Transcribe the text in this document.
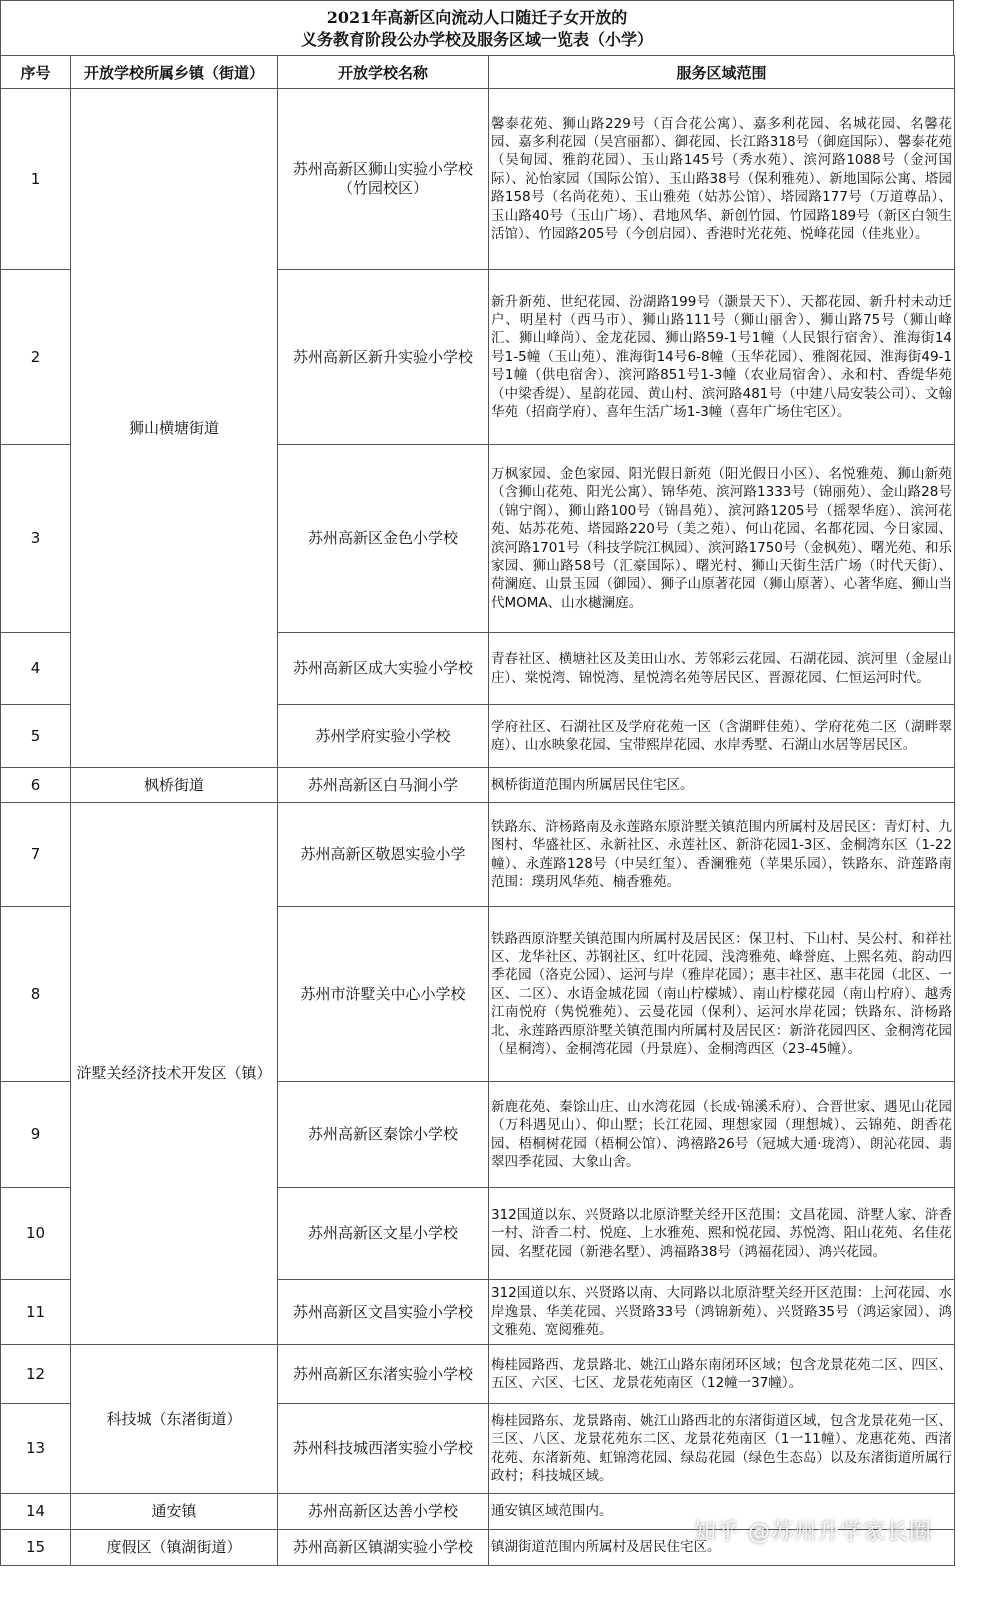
2021年高新区向流动人口随迁子女开放的
义务教育阶段公办学校及服务区域一览表（小学）
序号	开放学校所属乡镇（街道）	开放学校名称	服务区域范围
1	狮山横塘街道	苏州高新区狮山实验小学校（竹园校区）	馨泰花苑、狮山路229号（百合花公寓）、嘉多利花园、名城花园、名馨花园、嘉多利花园（吴宫丽都）、御花园、长江路318号（御庭国际）、馨泰花苑（吴甸园、雅韵花园）、玉山路145号（秀水苑）、滨河路1088号（金河国际）、沁怡家园（国际公馆）、玉山路38号（保利雅苑）、新地国际公寓、塔园路158号（名尚花苑）、玉山雅苑（姑苏公馆）、塔园路177号（万道尊品）、玉山路40号（玉山广场）、君地风华、新创竹园、竹园路189号（新区白领生活馆）、竹园路205号（今创启园）、香港时光花苑、悦峰花园（佳兆业）。
2		苏州高新区新升实验小学校	新升新苑、世纪花园、汾湖路199号（灏景天下）、天都花园、新升村未动迁户、明星村（西马市）、狮山路111号（狮山丽舍）、狮山路75号（狮山峰汇、狮山峰尚）、金龙花园、狮山路59-1号1幢（人民银行宿舍）、淮海街14号1-5幢（玉山苑）、淮海街14号6-8幢（玉华花园）、雅阁花园、淮海街49-1号1幢（供电宿舍）、滨河路851号1-3幢（农业局宿舍）、永和村、香缇华苑（中梁香缇）、星韵花园、黄山村、滨河路481号（中建八局安装公司）、文翰华苑（招商学府）、喜年生活广场1-3幢（喜年广场住宅区）。
3		苏州高新区金色小学校	万枫家园、金色家园、阳光假日新苑（阳光假日小区）、名悦雅苑、狮山新苑（含狮山花苑、阳光公寓）、锦华苑、滨河路1333号（锦丽苑）、金山路28号（锦宁阁）、狮山路100号（锦昌苑）、滨河路1205号（摇翠华庭）、滨河花苑、姑苏花苑、塔园路220号（美之苑）、何山花园、名都花园、今日家园、滨河路1701号（科技学院江枫园）、滨河路1750号（金枫苑）、曙光苑、和乐家园、狮山路58号（汇豪国际）、曙光村、狮山天街生活广场（时代天街）、荷澜庭、山景玉园（御园）、狮子山原著花园（狮山原著）、心著华庭、狮山当代MOMA、山水樾澜庭。
4		苏州高新区成大实验小学校	青春社区、横塘社区及美田山水、芳邻彩云花园、石湖花园、滨河里（金屋山庄）、棠悦湾、锦悦湾、星悦湾名苑等居民区、晋源花园、仁恒运河时代。
5		苏州学府实验小学校	学府社区、石湖社区及学府花苑一区（含湖畔佳苑）、学府花苑二区（湖畔翠庭）、山水映象花园、宝带熙岸花园、水岸秀墅、石湖山水居等居民区。
6	枫桥街道	苏州高新区白马涧小学	枫桥街道范围内所属居民住宅区。
7	浒墅关经济技术开发区（镇）	苏州高新区敬恩实验小学	铁路东、浒杨路南及永莲路东原浒墅关镇范围内所属村及居民区：青灯村、九图村、华盛社区、永新社区、永莲社区、新浒花园1-3区、金桐湾东区（1-22幢）、永莲路128号（中吴红玺）、香澜雅苑（苹果乐园），铁路东、浒莲路南范围：璞玥风华苑、楠香雅苑。
8		苏州市浒墅关中心小学校	铁路西原浒墅关镇范围内所属村及居民区：保卫村、下山村、吴公村、和祥社区、龙华社区、苏钢社区、红叶花园、浅湾雅苑、峰誉庭、上熙名苑、韵动四季花园（洛克公园）、运河与岸（雅岸花园）；惠丰社区、惠丰花园（北区、一区、二区）、水语金城花园（南山柠檬城）、南山柠檬花园（南山柠府）、越秀江南悦府（隽悦雅苑）、云曼花园（保利）、运河水岸花园；铁路东、浒杨路北、永莲路西原浒墅关镇范围内所属村及居民区：新浒花园四区、金桐湾花园（星桐湾）、金桐湾花园（丹景庭）、金桐湾西区（23-45幢）。
9		苏州高新区秦馀小学校	新鹿花苑、秦馀山庄、山水湾花园（长成·锦溪禾府）、合晋世家、遇见山花园（万科遇见山）、仰山墅；长江花园、理想家园（理想城）、云锦苑、朗香花园、梧桐树花园（梧桐公馆）、鸿禧路26号（冠城大通·珑湾）、朗沁花园、翡翠四季花园、大象山舍。
10		苏州高新区文星小学校	312国道以东、兴贤路以北原浒墅关经开区范围：文昌花园、浒墅人家、浒香一村、浒香二村、悦庭、上水雅苑、熙和悦花园、苏悦湾、阳山花苑、名佳花园、名墅花园（新港名墅）、鸿福路38号（鸿福花园）、鸿兴花园。
11		苏州高新区文昌实验小学校	312国道以东、兴贤路以南、大同路以北原浒墅关经开区范围：上河花园、水岸逸景、华美花园、兴贤路33号（鸿锦新苑）、兴贤路35号（鸿运家园）、鸿文雅苑、宽阅雅苑。
12	科技城（东渚街道）	苏州高新区东渚实验小学校	梅桂园路西、龙景路北、姚江山路东南闭环区域；包含龙景花苑二区、四区、五区、六区、七区、龙景花苑南区（12幢一37幢）。
13		苏州科技城西渚实验小学校	梅桂园路东、龙景路南、姚江山路西北的东渚街道区域，包含龙景花苑一区、三区、八区、龙景花苑东二区、龙景花苑南区（1一11幢）、龙惠花苑、西渚花苑、东渚新苑、虹锦湾花园、绿岛花园（绿色生态岛）以及东渚街道所属行政村；科技城区域。
14	通安镇	苏州高新区达善小学校	通安镇区域范围内。
15	度假区（镇湖街道）	苏州高新区镇湖实验小学校	镇湖街道范围内所属村及居民住宅区。
知乎 @苏州升学家长圈
